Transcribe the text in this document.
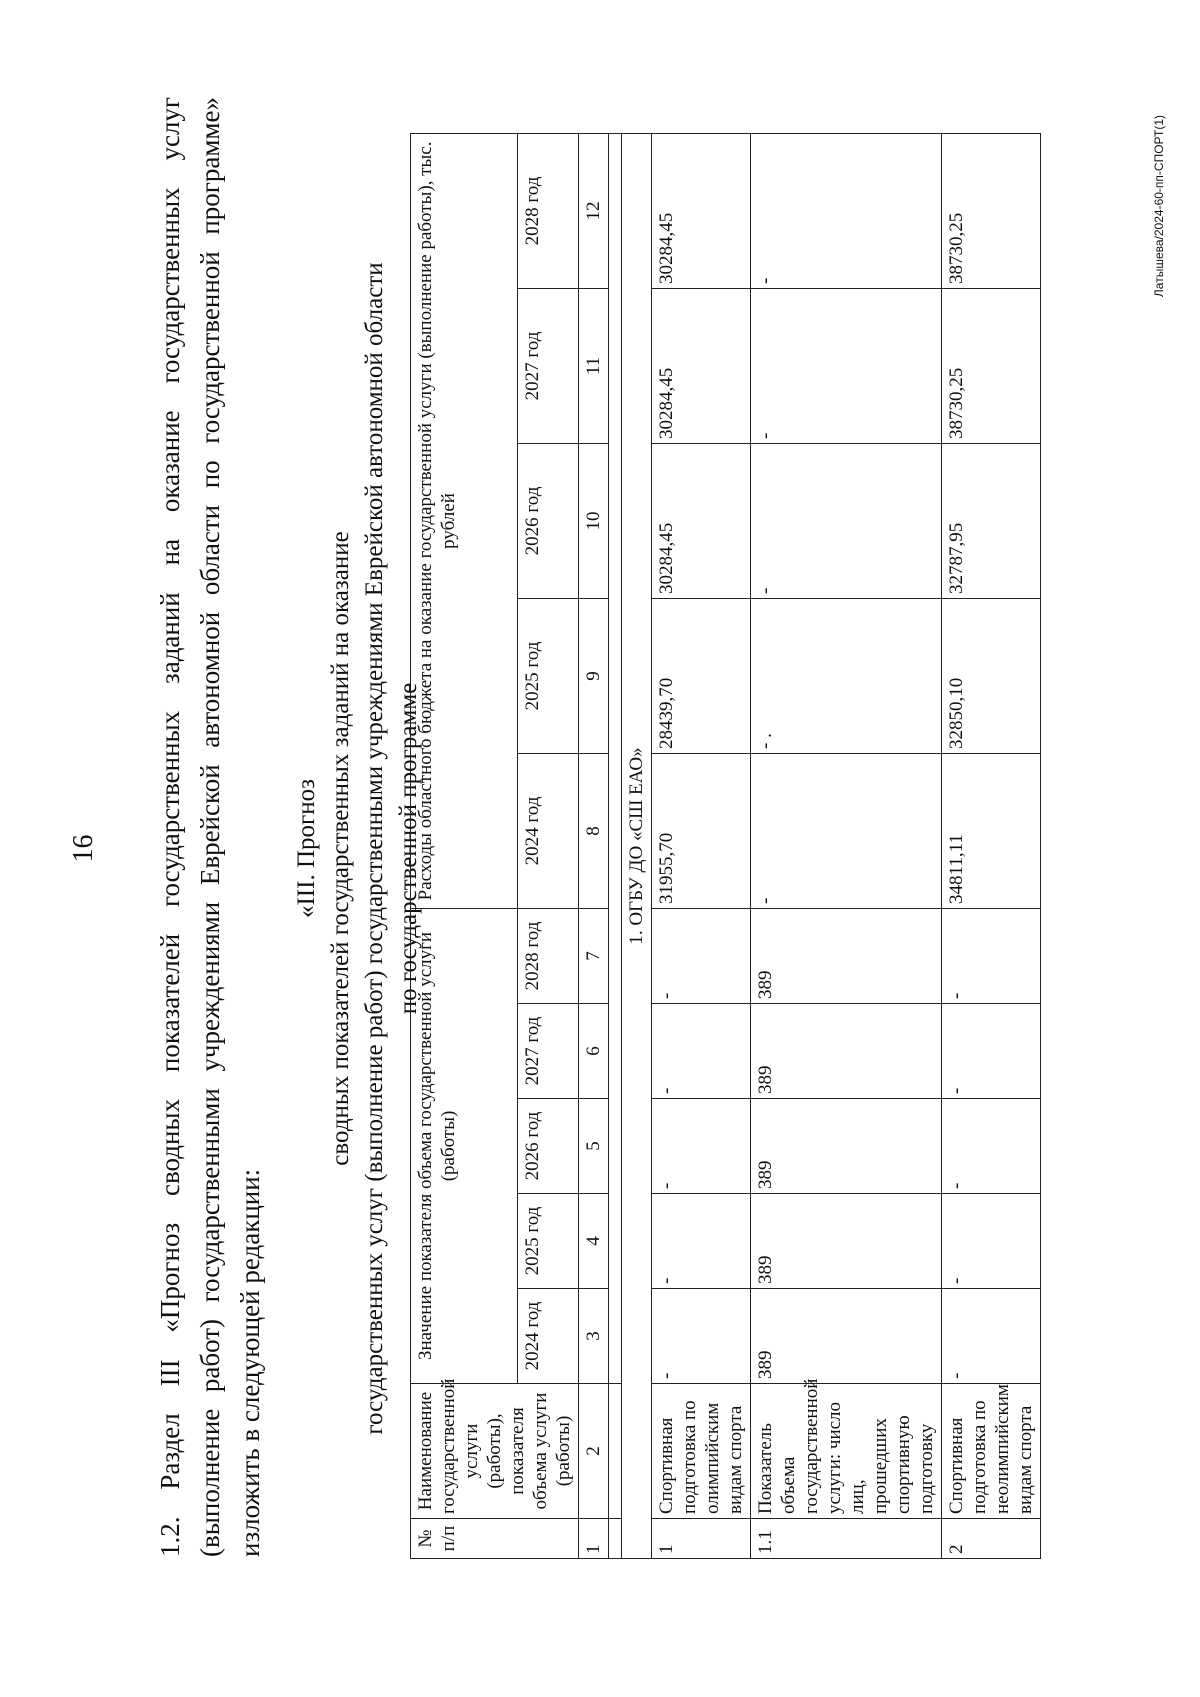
16 1.2. Раздел III «Прогноз сводных показателей государственных заданий на оказание государственных услуг (выполнение работ) государственными учреждениями Еврейской автономной области по государственной программе» изложить в следующей редакции:

«III. Прогноз сводных показателей государственных заданий на оказание государственных услуг (выполнение работ) государственными учреждениями Еврейской автономной области по государственной программе
№ п/п	Наименование государственной услуги (работы), показателя объема услуги (работы)	Значение показателя объема государственной услуги (работы)					Расходы областного бюджета на оказание государственной услуги (выполнение работы), тыс. рублей				
		2024 год	2025 год	2026 год	2027 год	2028 год	2024 год	2025 год	2026 год	2027 год	2028 год
1	2	3	4	5	6	7	8	9	10	11	12

1. ОГБУ ДО «СШ ЕАО»											
1	Спортивная подготовка по олимпийским видам спорта	-	-	-	-	-	31955,70	28439,70	30284,45	30284,45	30284,45
1.1	Показатель объема государственной услуги: число лиц, прошедших спортивную подготовку	389	389	389	389	389	-	- .	-	-	-
2	Спортивная подготовка по неолимпийским видам спорта	-	-	-	-	-	34811,11	32850,10	32787,95	38730,25	38730,25	Латышева/2024-60-пп-СПОРТ(1)
